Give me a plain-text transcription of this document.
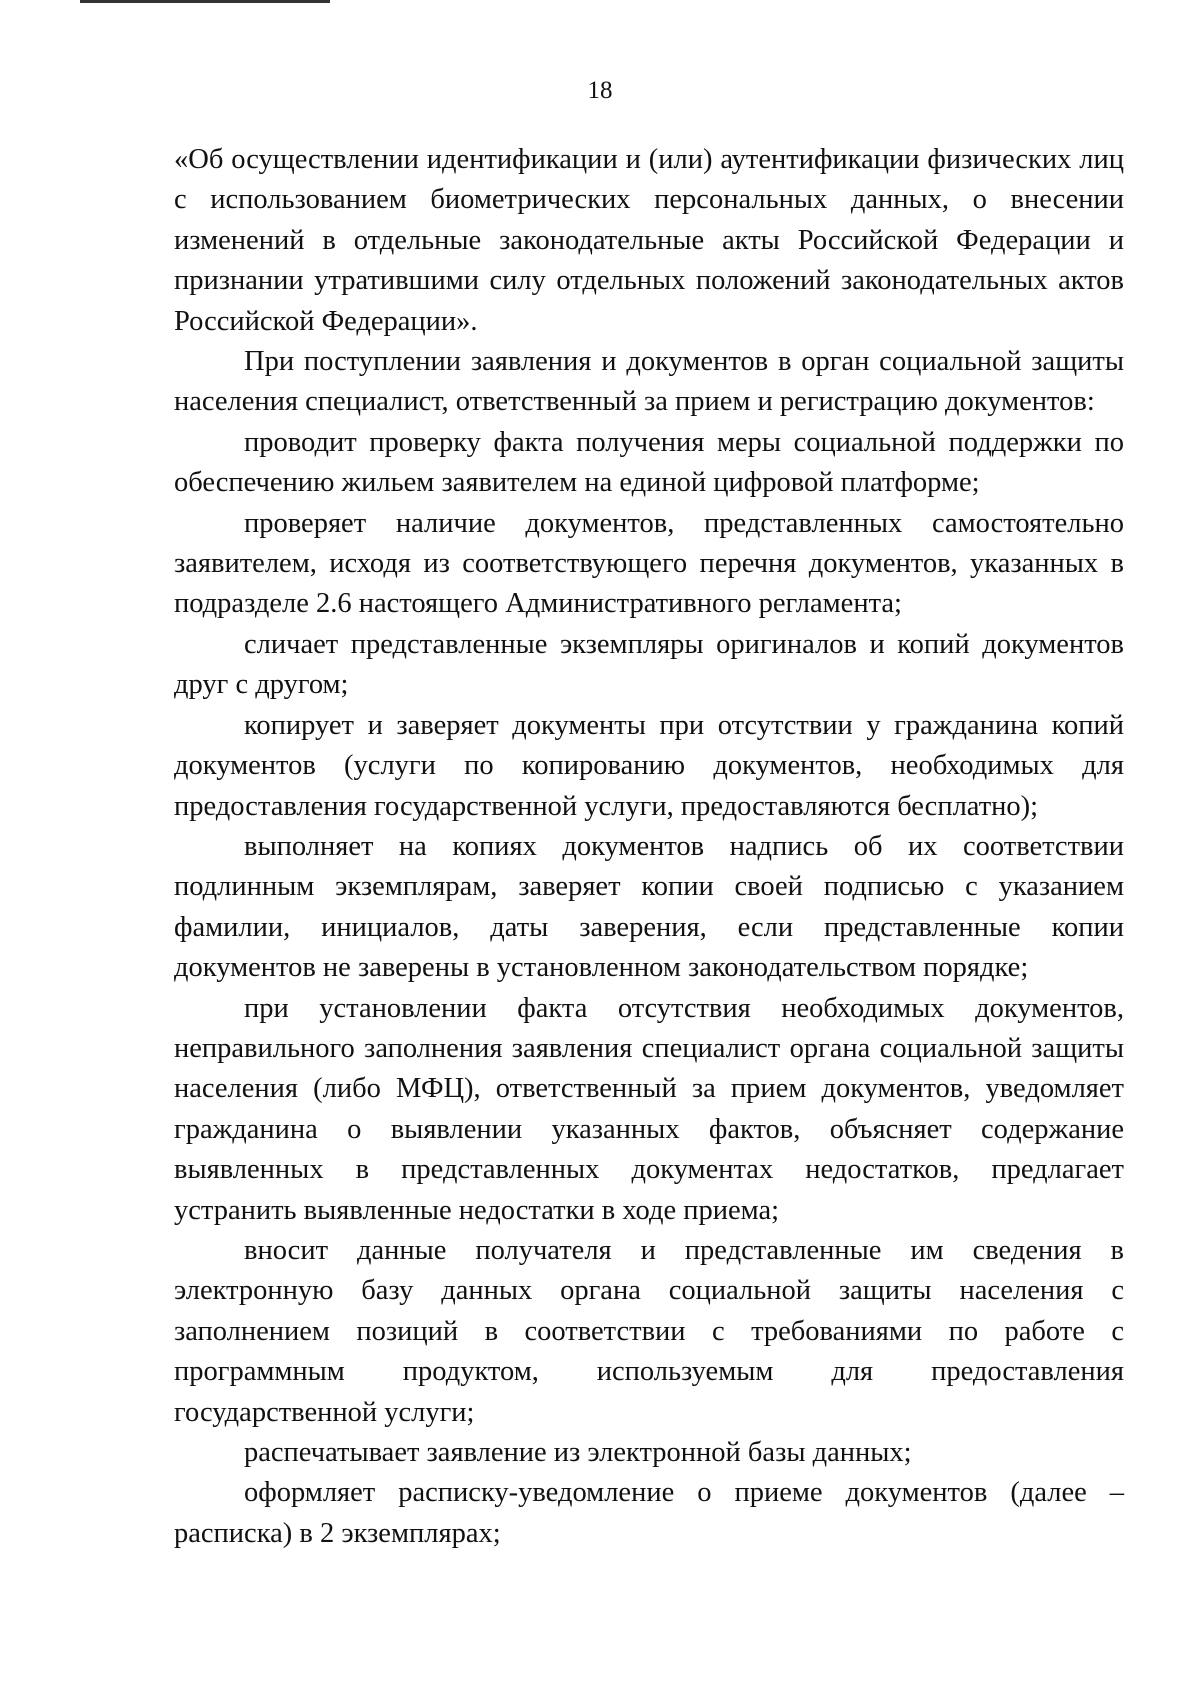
18

«Об осуществлении идентификации и (или) аутентификации физических лиц с использованием биометрических персональных данных, о внесении изменений в отдельные законодательные акты Российской Федерации и признании утратившими силу отдельных положений законодательных актов Российской Федерации».

При поступлении заявления и документов в орган социальной защиты населения специалист, ответственный за прием и регистрацию документов:

проводит проверку факта получения меры социальной поддержки по обеспечению жильем заявителем на единой цифровой платформе;

проверяет наличие документов, представленных самостоятельно заявителем, исходя из соответствующего перечня документов, указанных в подразделе 2.6 настоящего Административного регламента;

сличает представленные экземпляры оригиналов и копий документов друг с другом;

копирует и заверяет документы при отсутствии у гражданина копий документов (услуги по копированию документов, необходимых для предоставления государственной услуги, предоставляются бесплатно);

выполняет на копиях документов надпись об их соответствии подлинным экземплярам, заверяет копии своей подписью с указанием фамилии, инициалов, даты заверения, если представленные копии документов не заверены в установленном законодательством порядке;

при установлении факта отсутствия необходимых документов, неправильного заполнения заявления специалист органа социальной защиты населения (либо МФЦ), ответственный за прием документов, уведомляет гражданина о выявлении указанных фактов, объясняет содержание выявленных в представленных документах недостатков, предлагает устранить выявленные недостатки в ходе приема;

вносит данные получателя и представленные им сведения в электронную базу данных органа социальной защиты населения с заполнением позиций в соответствии с требованиями по работе с программным продуктом, используемым для предоставления государственной услуги;

распечатывает заявление из электронной базы данных;

оформляет расписку-уведомление о приеме документов (далее – расписка) в 2 экземплярах;
